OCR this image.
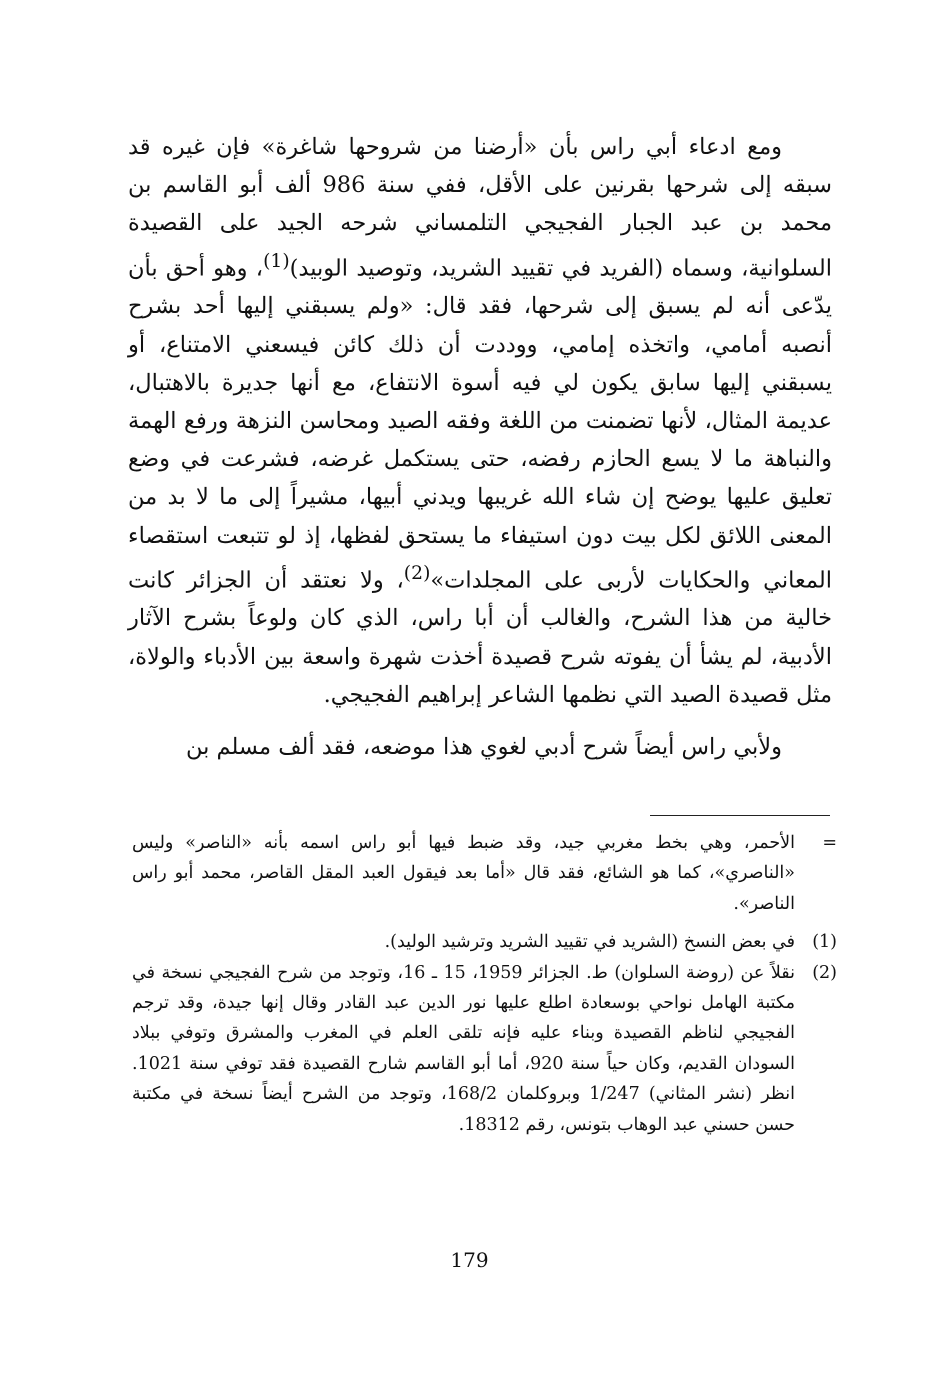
ومع ادعاء أبي راس بأن «أرضنا من شروحها شاغرة» فإن غيره قد سبقه إلى شرحها بقرنين على الأقل، ففي سنة 986 ألف أبو القاسم بن محمد بن عبد الجبار الفجيجي التلمساني شرحه الجيد على القصيدة السلوانية، وسماه (الفريد في تقييد الشريد، وتوصيد الوبيد)$^{(1)}$، وهو أحق بأن يدّعى أنه لم يسبق إلى شرحها، فقد قال: «ولم يسبقني إليها أحد بشرح أنصبه أمامي، واتخذه إمامي، ووددت أن ذلك كائن فيسعني الامتناع، أو يسبقني إليها سابق يكون لي فيه أسوة الانتفاع، مع أنها جديرة بالاهتبال، عديمة المثال، لأنها تضمنت من اللغة وفقه الصيد ومحاسن النزهة ورفع الهمة والنباهة ما لا يسع الحازم رفضه، حتى يستكمل غرضه، فشرعت في وضع تعليق عليها يوضح إن شاء الله غريبها ويدني أبيها، مشيراً إلى ما لا بد من المعنى اللائق لكل بيت دون استيفاء ما يستحق لفظها، إذ لو تتبعت استقصاء المعاني والحكايات لأربى على المجلدات»$^{(2)}$، ولا نعتقد أن الجزائر كانت خالية من هذا الشرح، والغالب أن أبا راس، الذي كان ولوعاً بشرح الآثار الأدبية، لم يشأ أن يفوته شرح قصيدة أخذت شهرة واسعة بين الأدباء والولاة، مثل قصيدة الصيد التي نظمها الشاعر إبراهيم الفجيجي.

ولأبي راس أيضاً شرح أدبي لغوي هذا موضعه، فقد ألف مسلم بن

=
الأحمر، وهي بخط مغربي جيد، وقد ضبط فيها أبو راس اسمه بأنه «الناصر» وليس «الناصري»، كما هو الشائع، فقد قال «أما بعد فيقول العبد المقل القاصر، محمد أبو راس الناصر».

(1)
في بعض النسخ (الشريد في تقييد الشريد وترشيد الوليد).

(2)
نقلاً عن (روضة السلوان) ط. الجزائر 1959، 15 ـ 16، وتوجد من شرح الفجيجي نسخة في مكتبة الهامل نواحي بوسعادة اطلع عليها نور الدين عبد القادر وقال إنها جيدة، وقد ترجم الفجيجي لناظم القصيدة وبناء عليه فإنه تلقى العلم في المغرب والمشرق وتوفي ببلاد السودان القديم، وكان حياً سنة 920، أما أبو القاسم شارح القصيدة فقد توفي سنة 1021. انظر (نشر المثاني) 1/247 وبروكلمان 168/2، وتوجد من الشرح أيضاً نسخة في مكتبة حسن حسني عبد الوهاب بتونس، رقم 18312.

179
